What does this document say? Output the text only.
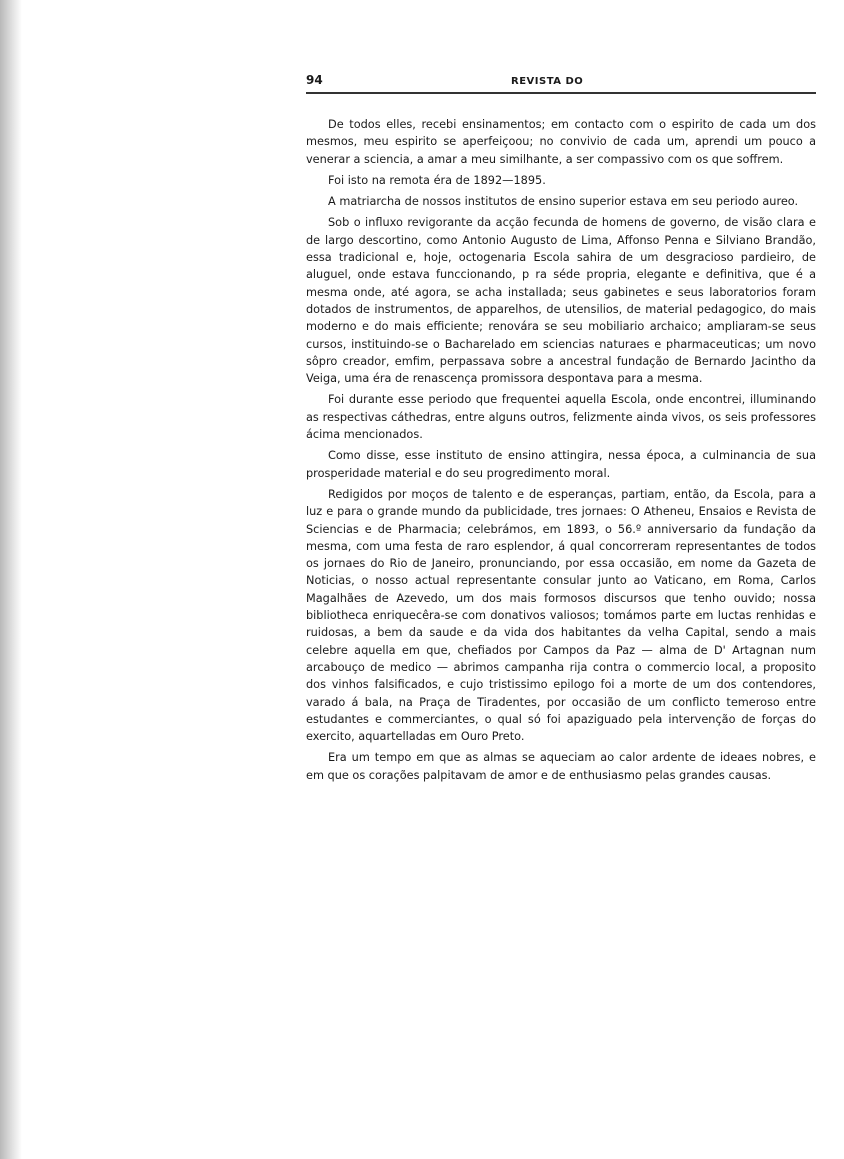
94	REVISTA DO

De todos elles, recebi ensinamentos; em contacto com o espirito de cada um dos mesmos, meu espirito se aperfeiçoou; no convivio de cada um, aprendi um pouco a venerar a sciencia, a amar a meu similhante, a ser compassivo com os que soffrem.

Foi isto na remota éra de 1892—1895.

A matriarcha de nossos institutos de ensino superior estava em seu periodo aureo.

Sob o influxo revigorante da acção fecunda de homens de governo, de visão clara e de largo descortino, como Antonio Augusto de Lima, Affonso Penna e Silviano Brandão, essa tradicional e, hoje, octogenaria Escola sahira de um desgracioso pardieiro, de aluguel, onde estava funccionando, p ra séde propria, elegante e definitiva, que é a mesma onde, até agora, se acha installada; seus gabinetes e seus laboratorios foram dotados de instrumentos, de apparelhos, de utensilios, de material pedagogico, do mais moderno e do mais efficiente; renovára se seu mobiliario archaico; ampliaram-se seus cursos, instituindo-se o Bacharelado em sciencias naturaes e pharmaceuticas; um novo sôpro creador, emfim, perpassava sobre a ancestral fundação de Bernardo Jacintho da Veiga, uma éra de renascença promissora despontava para a mesma.

Foi durante esse periodo que frequentei aquella Escola, onde encontrei, illuminando as respectivas cáthedras, entre alguns outros, felizmente ainda vivos, os seis professores ácima mencionados.

Como disse, esse instituto de ensino attingira, nessa época, a culminancia de sua prosperidade material e do seu progredimento moral.

Redigidos por moços de talento e de esperanças, partiam, então, da Escola, para a luz e para o grande mundo da publicidade, tres jornaes: O Atheneu, Ensaios e Revista de Sciencias e de Pharmacia; celebrámos, em 1893, o 56.º anniversario da fundação da mesma, com uma festa de raro esplendor, á qual concorreram representantes de todos os jornaes do Rio de Janeiro, pronunciando, por essa occasião, em nome da Gazeta de Noticias, o nosso actual representante consular junto ao Vaticano, em Roma, Carlos Magalhães de Azevedo, um dos mais formosos discursos que tenho ouvido; nossa bibliotheca enriquecêra-se com donativos valiosos; tomámos parte em luctas renhidas e ruidosas, a bem da saude e da vida dos habitantes da velha Capital, sendo a mais celebre aquella em que, chefiados por Campos da Paz — alma de D' Artagnan num arcabouço de medico — abrimos campanha rija contra o commercio local, a proposito dos vinhos falsificados, e cujo tristissimo epilogo foi a morte de um dos contendores, varado á bala, na Praça de Tiradentes, por occasião de um conflicto temeroso entre estudantes e commerciantes, o qual só foi apaziguado pela intervenção de forças do exercito, aquartelladas em Ouro Preto.

Era um tempo em que as almas se aqueciam ao calor ardente de ideaes nobres, e em que os corações palpitavam de amor e de enthusiasmo pelas grandes causas.
